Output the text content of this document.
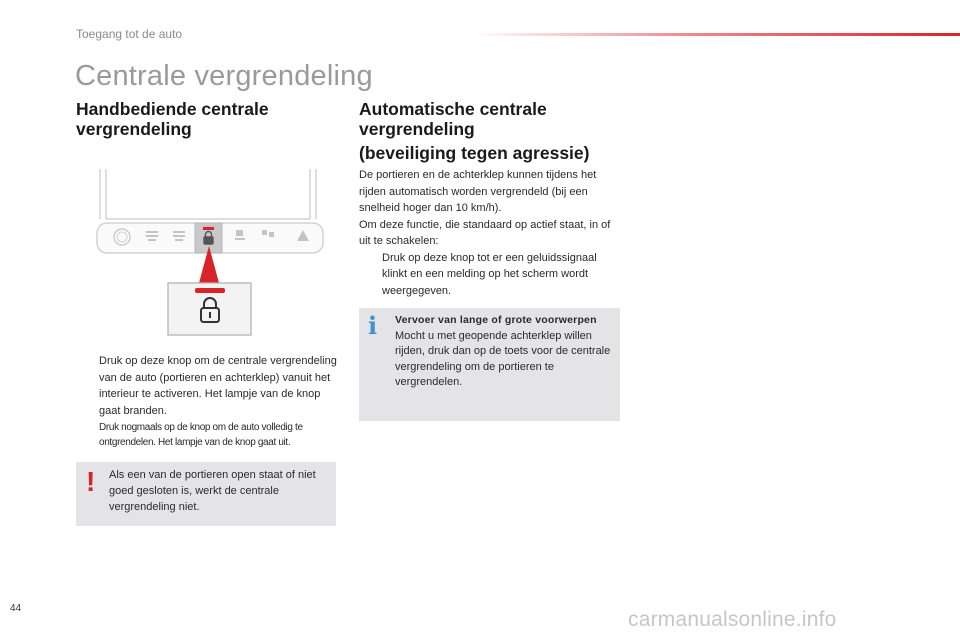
Toegang tot de auto
Centrale vergrendeling
Handbediende centrale vergrendeling
Druk op deze knop om de centrale vergrendeling van de auto (portieren en achterklep) vanuit het interieur te activeren. Het lampje van de knop gaat branden.
Druk nogmaals op de knop om de auto volledig te ontgrendelen. Het lampje van de knop gaat uit.
! Als een van de portieren open staat of niet goed gesloten is, werkt de centrale vergrendeling niet.
Automatische centrale vergrendeling
(beveiliging tegen agressie)
De portieren en de achterklep kunnen tijdens het rijden automatisch worden vergrendeld (bij een snelheid hoger dan 10 km/h).
Om deze functie, die standaard op actief staat, in of uit te schakelen:
Druk op deze knop tot er een geluidssignaal klinkt en een melding op het scherm wordt weergegeven.
i Vervoer van lange of grote voorwerpen
Mocht u met geopende achterklep willen rijden, druk dan op de toets voor de centrale vergrendeling om de portieren te vergrendelen.
44	carmanualsonline.info
